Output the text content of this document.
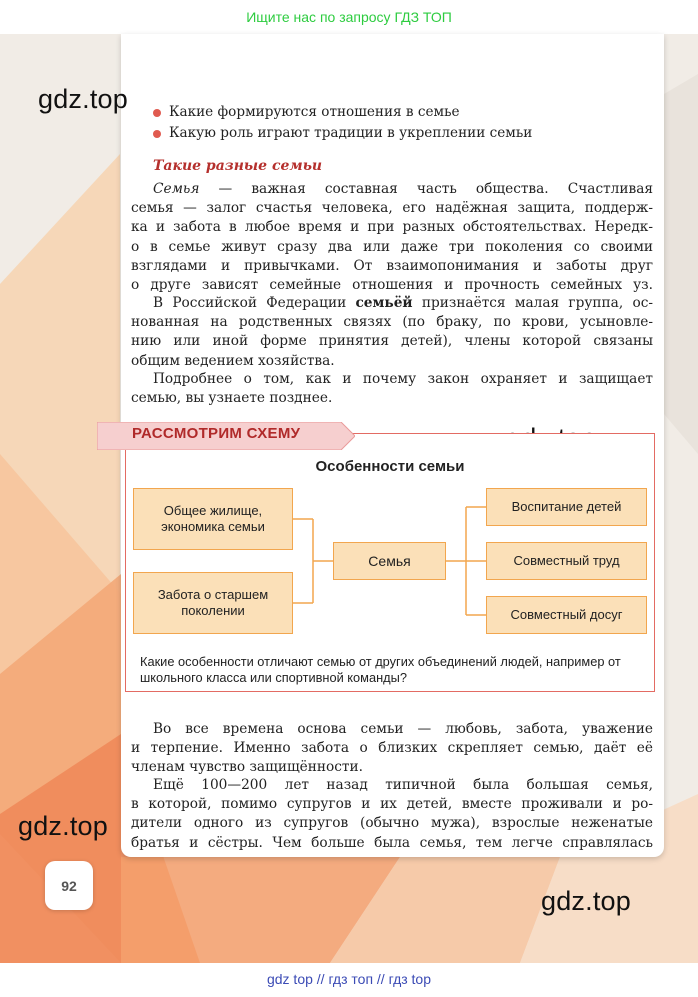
Ищите нас по запросу ГДЗ ТОП
gdz.top
gdz.top
gdz.top
Какие формируются отношения в семье
Какую роль играют традиции в укреплении семьи
Такие разные семьи
Семья — важная составная часть общества. Счастливая
семья — залог счастья человека, его надёжная защита, поддерж-
ка и забота в любое время и при разных обстоятельствах. Нередк-
о в семье живут сразу два или даже три поколения со своими
взглядами и привычками. От взаимопонимания и заботы друг
о друге зависят семейные отношения и прочность семейных уз.
В Российской Федерации семьёй признаётся малая группа, ос-
нованная на родственных связях (по браку, по крови, усыновле-
нию или иной форме принятия детей), члены которой связаны
общим ведением хозяйства.
Подробнее о том, как и почему закон охраняет и защищает
семью, вы узнаете позднее.
РАССМОТРИМ СХЕМУ
Особенности семьи
Общее жилище, экономика семьи
Забота о старшем поколении
Семья
Воспитание детей
Совместный труд
Совместный досуг
Какие особенности отличают семью от других объединений людей, например от школьного класса или спортивной команды?
Во все времена основа семьи — любовь, забота, уважение
и терпение. Именно забота о близких скрепляет семью, даёт её
членам чувство защищённости.
Ещё 100—200 лет назад типичной была большая семья,
в которой, помимо супругов и их детей, вместе проживали и ро-
дители одного из супругов (обычно мужа), взрослые неженатые
братья и сёстры. Чем больше была семья, тем легче справлялась
92
gdz top // гдз топ // гдз top
